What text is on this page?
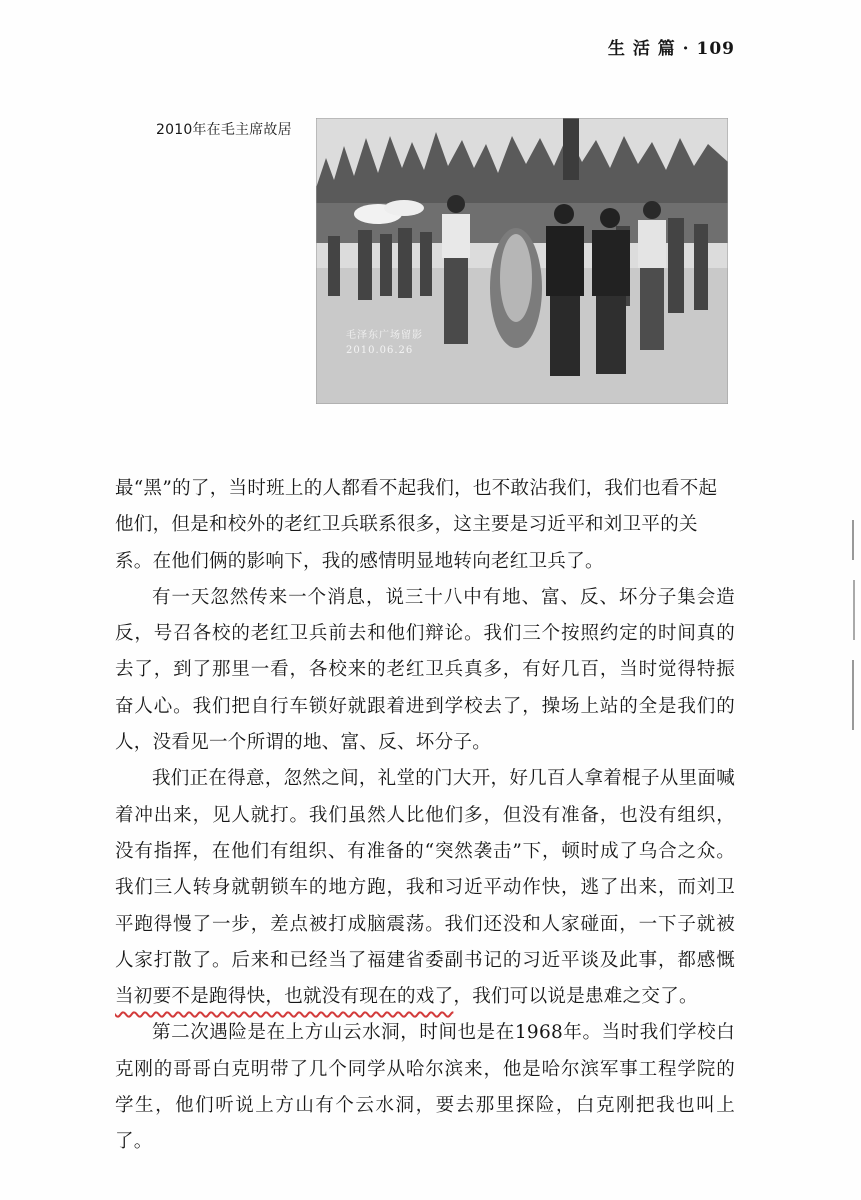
生 活 篇 · 109
2010年在毛主席故居
毛泽东广场留影
2010.06.26

最“黑”的了，当时班上的人都看不起我们，也不敢沾我们，我们也看不起他们，但是和校外的老红卫兵联系很多，这主要是习近平和刘卫平的关系。在他们俩的影响下，我的感情明显地转向老红卫兵了。

有一天忽然传来一个消息，说三十八中有地、富、反、坏分子集会造反，号召各校的老红卫兵前去和他们辩论。我们三个按照约定的时间真的去了，到了那里一看，各校来的老红卫兵真多，有好几百，当时觉得特振奋人心。我们把自行车锁好就跟着进到学校去了，操场上站的全是我们的人，没看见一个所谓的地、富、反、坏分子。

我们正在得意，忽然之间，礼堂的门大开，好几百人拿着棍子从里面喊着冲出来，见人就打。我们虽然人比他们多，但没有准备，也没有组织，没有指挥，在他们有组织、有准备的“突然袭击”下，顿时成了乌合之众。我们三人转身就朝锁车的地方跑，我和习近平动作快，逃了出来，而刘卫平跑得慢了一步，差点被打成脑震荡。我们还没和人家碰面，一下子就被人家打散了。后来和已经当了福建省委副书记的习近平谈及此事，都感慨当初要不是跑得快，也就没有现在的戏了，我们可以说是患难之交了。

第二次遇险是在上方山云水洞，时间也是在1968年。当时我们学校白克刚的哥哥白克明带了几个同学从哈尔滨来，他是哈尔滨军事工程学院的学生，他们听说上方山有个云水洞，要去那里探险，白克刚把我也叫上了。
